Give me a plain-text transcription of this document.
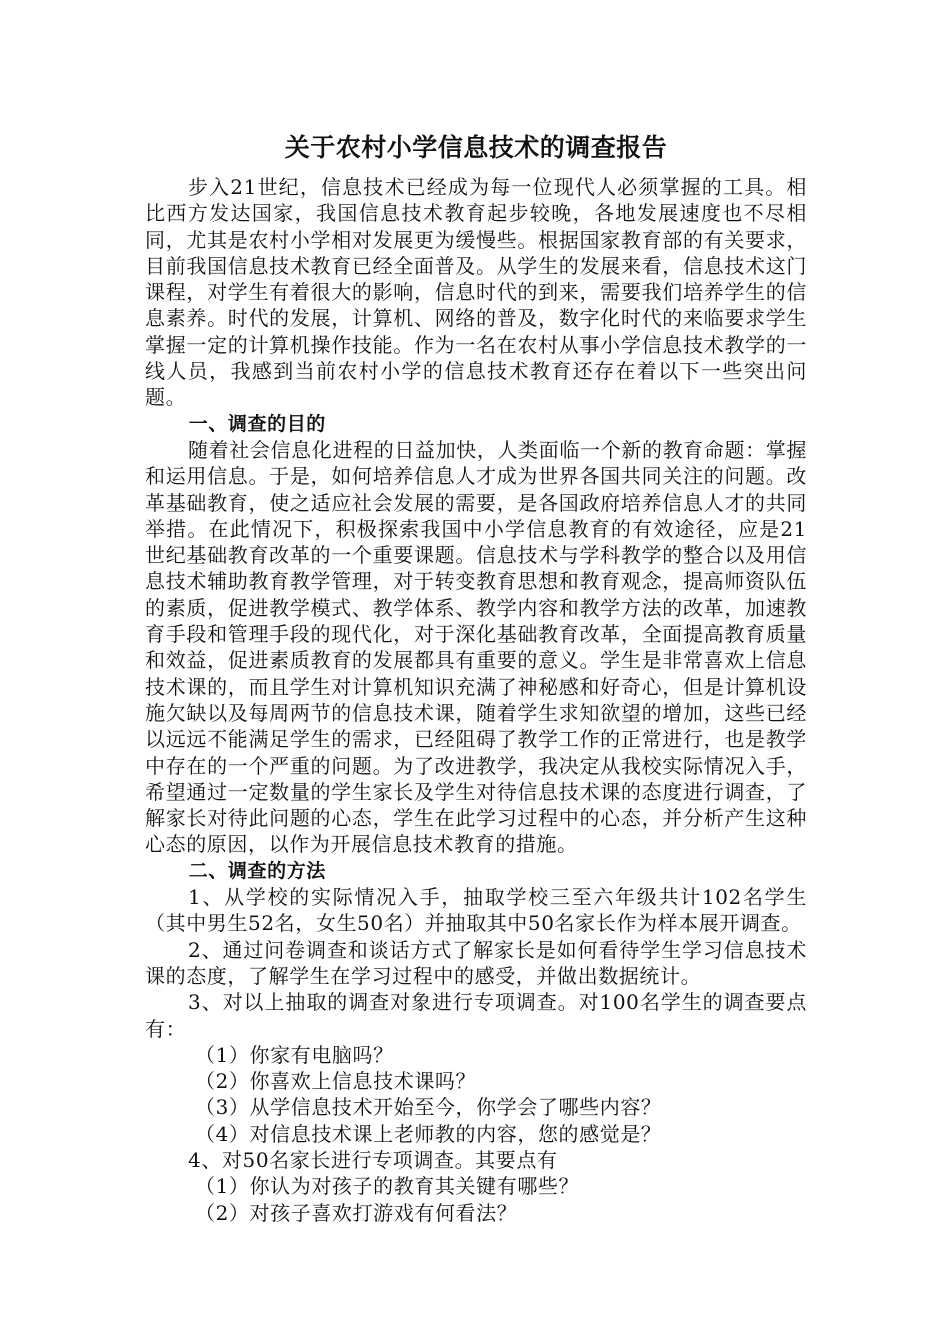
关于农村小学信息技术的调查报告

步入21世纪，信息技术已经成为每一位现代人必须掌握的工具。相比西方发达国家，我国信息技术教育起步较晚，各地发展速度也不尽相同，尤其是农村小学相对发展更为缓慢些。根据国家教育部的有关要求，目前我国信息技术教育已经全面普及。从学生的发展来看，信息技术这门课程，对学生有着很大的影响，信息时代的到来，需要我们培养学生的信息素养。时代的发展，计算机、网络的普及，数字化时代的来临要求学生掌握一定的计算机操作技能。作为一名在农村从事小学信息技术教学的一线人员，我感到当前农村小学的信息技术教育还存在着以下一些突出问题。

一、调查的目的

随着社会信息化进程的日益加快，人类面临一个新的教育命题：掌握和运用信息。于是，如何培养信息人才成为世界各国共同关注的问题。改革基础教育，使之适应社会发展的需要，是各国政府培养信息人才的共同举措。在此情况下，积极探索我国中小学信息教育的有效途径，应是21世纪基础教育改革的一个重要课题。信息技术与学科教学的整合以及用信息技术辅助教育教学管理，对于转变教育思想和教育观念，提高师资队伍的素质，促进教学模式、教学体系、教学内容和教学方法的改革，加速教育手段和管理手段的现代化，对于深化基础教育改革，全面提高教育质量和效益，促进素质教育的发展都具有重要的意义。学生是非常喜欢上信息技术课的，而且学生对计算机知识充满了神秘感和好奇心，但是计算机设施欠缺以及每周两节的信息技术课，随着学生求知欲望的增加，这些已经以远远不能满足学生的需求，已经阻碍了教学工作的正常进行，也是教学中存在的一个严重的问题。为了改进教学，我决定从我校实际情况入手，希望通过一定数量的学生家长及学生对待信息技术课的态度进行调查，了解家长对待此问题的心态，学生在此学习过程中的心态，并分析产生这种心态的原因，以作为开展信息技术教育的措施。

二、调查的方法

1、从学校的实际情况入手，抽取学校三至六年级共计102名学生（其中男生52名，女生50名）并抽取其中50名家长作为样本展开调查。

2、通过问卷调查和谈话方式了解家长是如何看待学生学习信息技术课的态度，了解学生在学习过程中的感受，并做出数据统计。

3、对以上抽取的调查对象进行专项调查。对100名学生的调查要点有：

（1）你家有电脑吗？

（2）你喜欢上信息技术课吗？

（3）从学信息技术开始至今，你学会了哪些内容？

（4）对信息技术课上老师教的内容，您的感觉是？

4、对50名家长进行专项调查。其要点有

（1）你认为对孩子的教育其关键有哪些？

（2）对孩子喜欢打游戏有何看法？
